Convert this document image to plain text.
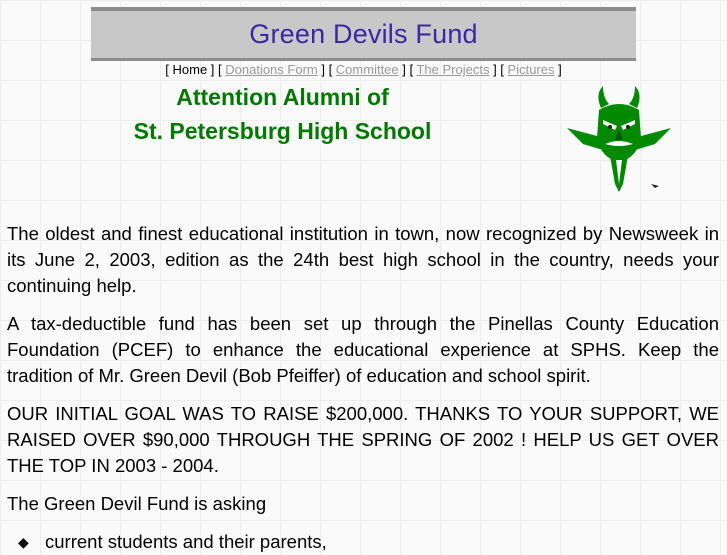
Green Devils Fund
[ Home ] [ Donations Form ] [ Committee ] [ The Projects ] [ Pictures ]
Attention Alumni of
St. Petersburg High School

The oldest and finest educational institution in town, now recognized by Newsweek in its June 2, 2003, edition as the 24th best high school in the country, needs your continuing help.

A tax-deductible fund has been set up through the Pinellas County Education Foundation (PCEF) to enhance the educational experience at SPHS. Keep the tradition of Mr. Green Devil (Bob Pfeiffer) of education and school spirit.

OUR INITIAL GOAL WAS TO RAISE $200,000. THANKS TO YOUR SUPPORT, WE RAISED OVER $90,000 THROUGH THE SPRING OF 2002 ! HELP US GET OVER THE TOP IN 2003 - 2004.

The Green Devil Fund is asking

◆ current students and their parents,
